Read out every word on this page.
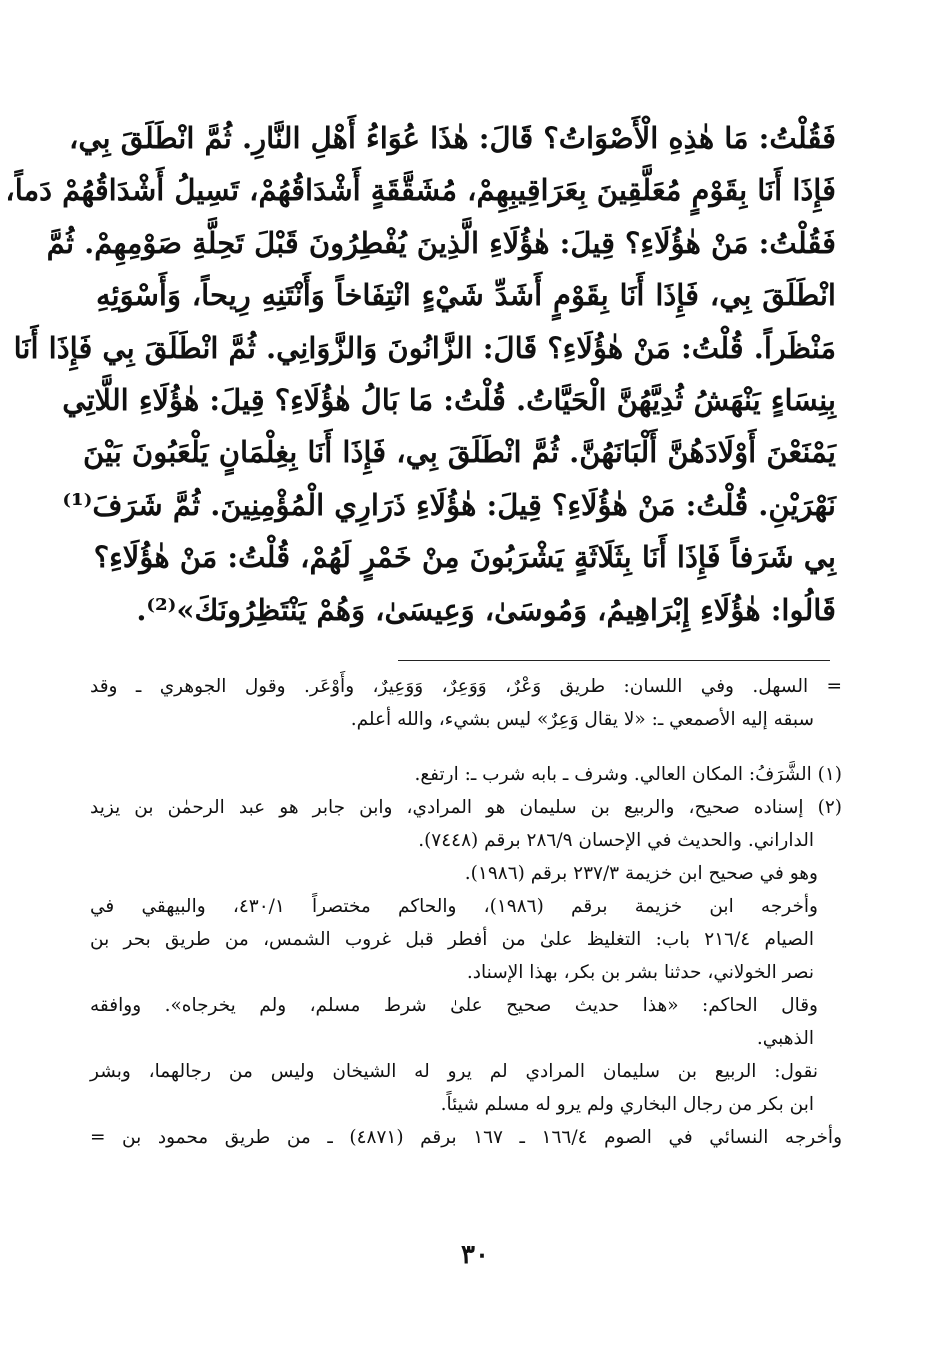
فَقُلْتُ: مَا هٰذِهِ الْأَصْوَاتُ؟ قَالَ: هٰذَا عُوَاءُ أَهْلِ النَّارِ. ثُمَّ انْطَلَقَ بِي،
فَإِذَا أَنَا بِقَوْمٍ مُعَلَّقِينَ بِعَرَاقِيبِهِمْ، مُشَقَّقَةٍ أَشْدَاقُهُمْ، تَسِيلُ أَشْدَاقُهُمْ دَماً،
فَقُلْتُ: مَنْ هٰؤُلَاءِ؟ قِيلَ: هٰؤُلَاءِ الَّذِينَ يُفْطِرُونَ قَبْلَ تَحِلَّةِ صَوْمِهِمْ. ثُمَّ
انْطَلَقَ بِي، فَإِذَا أَنَا بِقَوْمٍ أَشَدِّ شَيْءٍ انْتِفَاخاً وَأَنْتَنِهِ رِيحاً، وَأَسْوَئِهِ
مَنْظَراً. قُلْتُ: مَنْ هٰؤُلَاءِ؟ قَالَ: الزَّانُونَ وَالزَّوَانِي. ثُمَّ انْطَلَقَ بِي فَإِذَا أَنَا
بِنِسَاءٍ يَنْهَشُ ثُدِيَّهُنَّ الْحَيَّاتُ. قُلْتُ: مَا بَالُ هٰؤُلَاءِ؟ قِيلَ: هٰؤُلَاءِ اللَّاتِي
يَمْنَعْنَ أَوْلَادَهُنَّ أَلْبَانَهُنَّ. ثُمَّ انْطَلَقَ بِي، فَإِذَا أَنَا بِغِلْمَانٍ يَلْعَبُونَ بَيْنَ
نَهْرَيْنِ. قُلْتُ: مَنْ هٰؤُلَاءِ؟ قِيلَ: هٰؤُلَاءِ ذَرَارِي الْمُؤْمِنِينَ. ثُمَّ شَرَفَ⁽¹⁾
بِي شَرَفاً فَإِذَا أَنَا بِثَلَاثَةٍ يَشْرَبُونَ مِنْ خَمْرٍ لَهُمْ، قُلْتُ: مَنْ هٰؤُلَاءِ؟
قَالُوا: هٰؤُلَاءِ إِبْرَاهِيمُ، وَمُوسَىٰ، وَعِيسَىٰ، وَهُمْ يَنْتَظِرُونَكَ»⁽²⁾.
= السهل. وفي اللسان: طريق وَعْرٌ، وَوَعِرٌ، وَوَعِيرٌ، وأَوْعَر. وقول الجوهري ـ وقد
سبقه إليه الأصمعي ـ: «لا يقال وَعِرٌ» ليس بشيء، والله أعلم.
(١) الشَّرَفُ: المكان العالي. وشرف ـ بابه شرب ـ: ارتفع.
(٢) إسناده صحيح، والربيع بن سليمان هو المرادي، وابن جابر هو عبد الرحمٰن بن يزيد
الداراني. والحديث في الإحسان ٢٨٦/٩ برقم (٧٤٤٨).
وهو في صحيح ابن خزيمة ٢٣٧/٣ برقم (١٩٨٦).
وأخرجه ابن خزيمة برقم (١٩٨٦)، والحاكم مختصراً ٤٣٠/١، والبيهقي في
الصيام ٢١٦/٤ باب: التغليظ علىٰ من أفطر قبل غروب الشمس، من طريق بحر بن
نصر الخولاني، حدثنا بشر بن بكر، بهذا الإسناد.
وقال الحاكم: «هذا حديث صحيح علىٰ شرط مسلم، ولم يخرجاه». ووافقه
الذهبي.
نقول: الربيع بن سليمان المرادي لم يرو له الشيخان وليس من رجالهما، وبشر
ابن بكر من رجال البخاري ولم يرو له مسلم شيئاً.
وأخرجه النسائي في الصوم ١٦٦/٤ ـ ١٦٧ برقم (٤٨٧١) ـ من طريق محمود بن =
٣٠
